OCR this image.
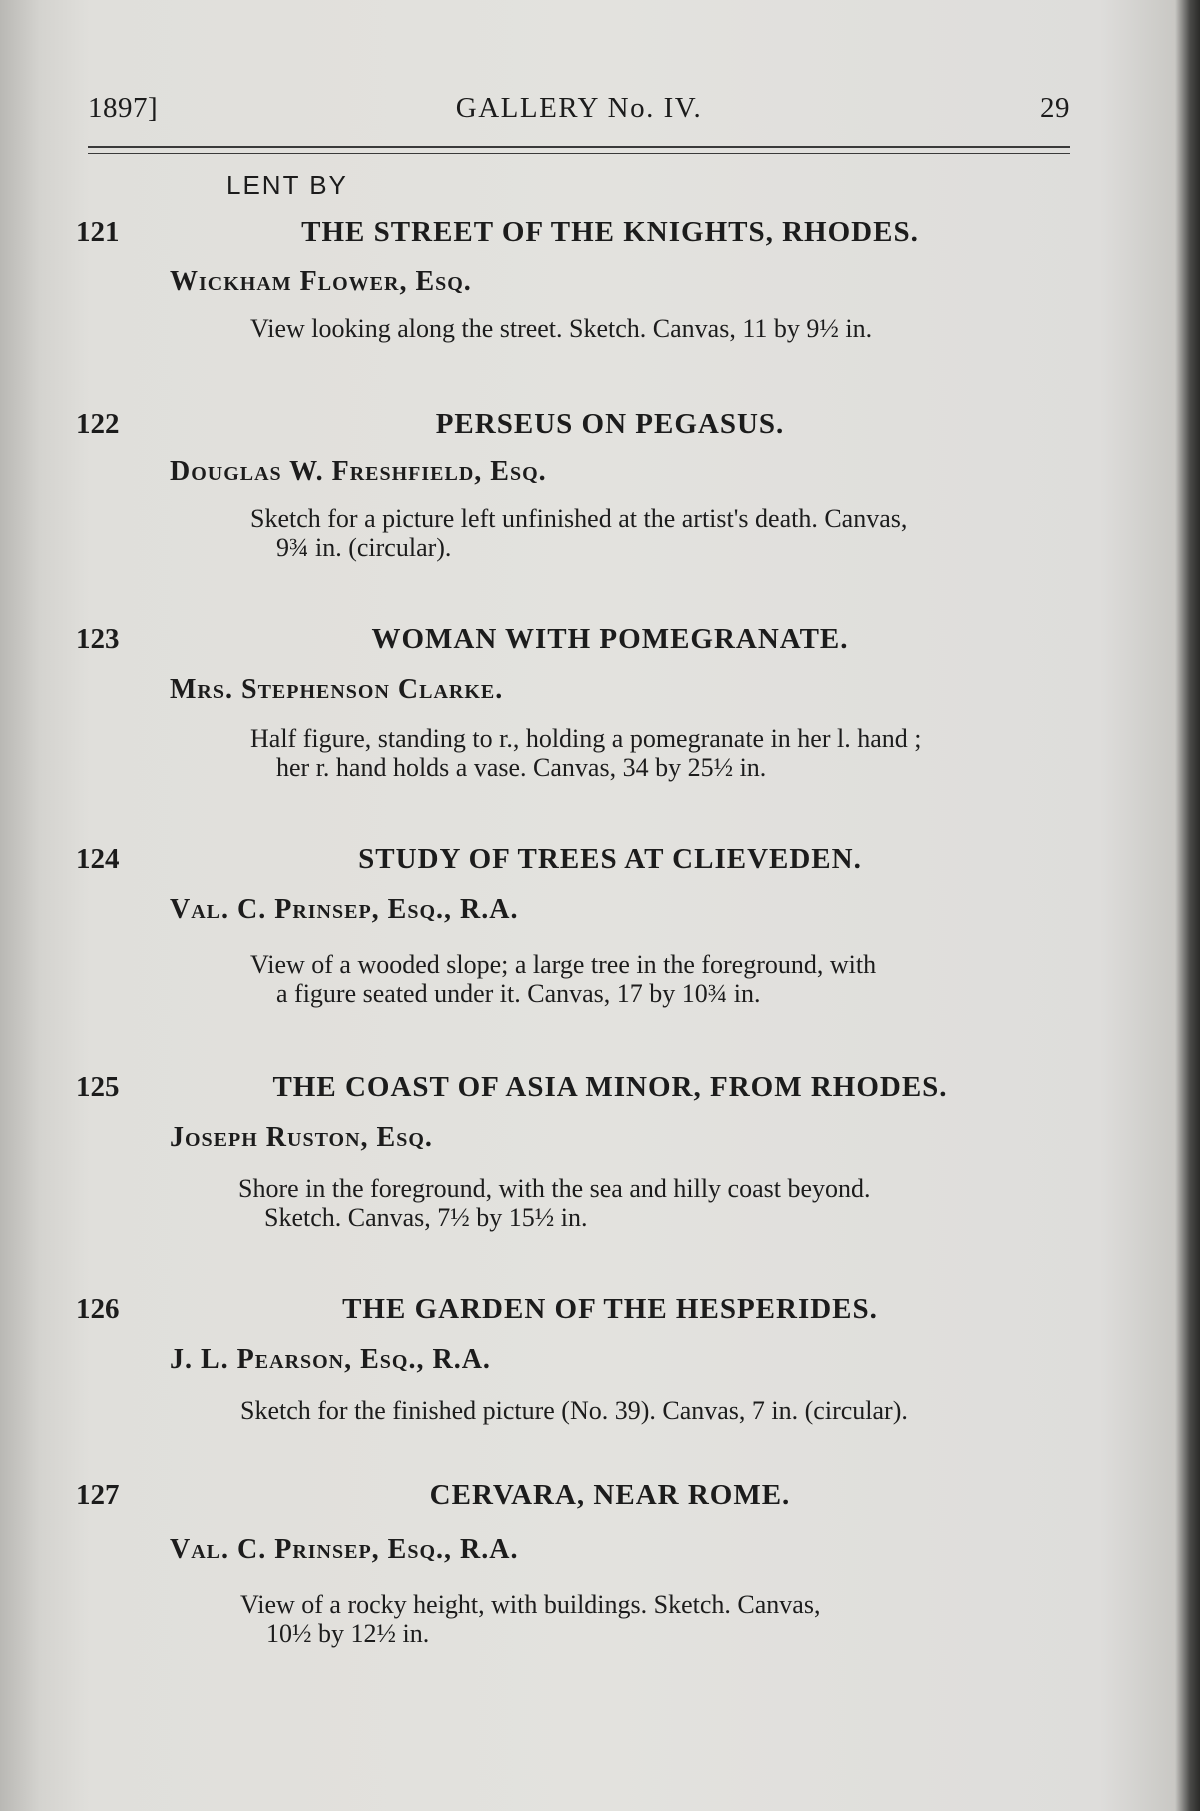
1897]	GALLERY No. IV.	29
LENT BY
121	THE STREET OF THE KNIGHTS, RHODES.
Wickham Flower, Esq.
View looking along the street. Sketch. Canvas, 11 by 9½ in.
122	PERSEUS ON PEGASUS.
Douglas W. Freshfield, Esq.
Sketch for a picture left unfinished at the artist's death. Canvas,
9¾ in. (circular).
123	WOMAN WITH POMEGRANATE.
Mrs. Stephenson Clarke.
Half figure, standing to r., holding a pomegranate in her l. hand ;
her r. hand holds a vase. Canvas, 34 by 25½ in.
124	STUDY OF TREES AT CLIEVEDEN.
Val. C. Prinsep, Esq., R.A.
View of a wooded slope; a large tree in the foreground, with
a figure seated under it. Canvas, 17 by 10¾ in.
125	THE COAST OF ASIA MINOR, FROM RHODES.
Joseph Ruston, Esq.
Shore in the foreground, with the sea and hilly coast beyond.
Sketch. Canvas, 7½ by 15½ in.
126	THE GARDEN OF THE HESPERIDES.
J. L. Pearson, Esq., R.A.
Sketch for the finished picture (No. 39). Canvas, 7 in. (circular).
127	CERVARA, NEAR ROME.
Val. C. Prinsep, Esq., R.A.
View of a rocky height, with buildings. Sketch. Canvas,
10½ by 12½ in.
